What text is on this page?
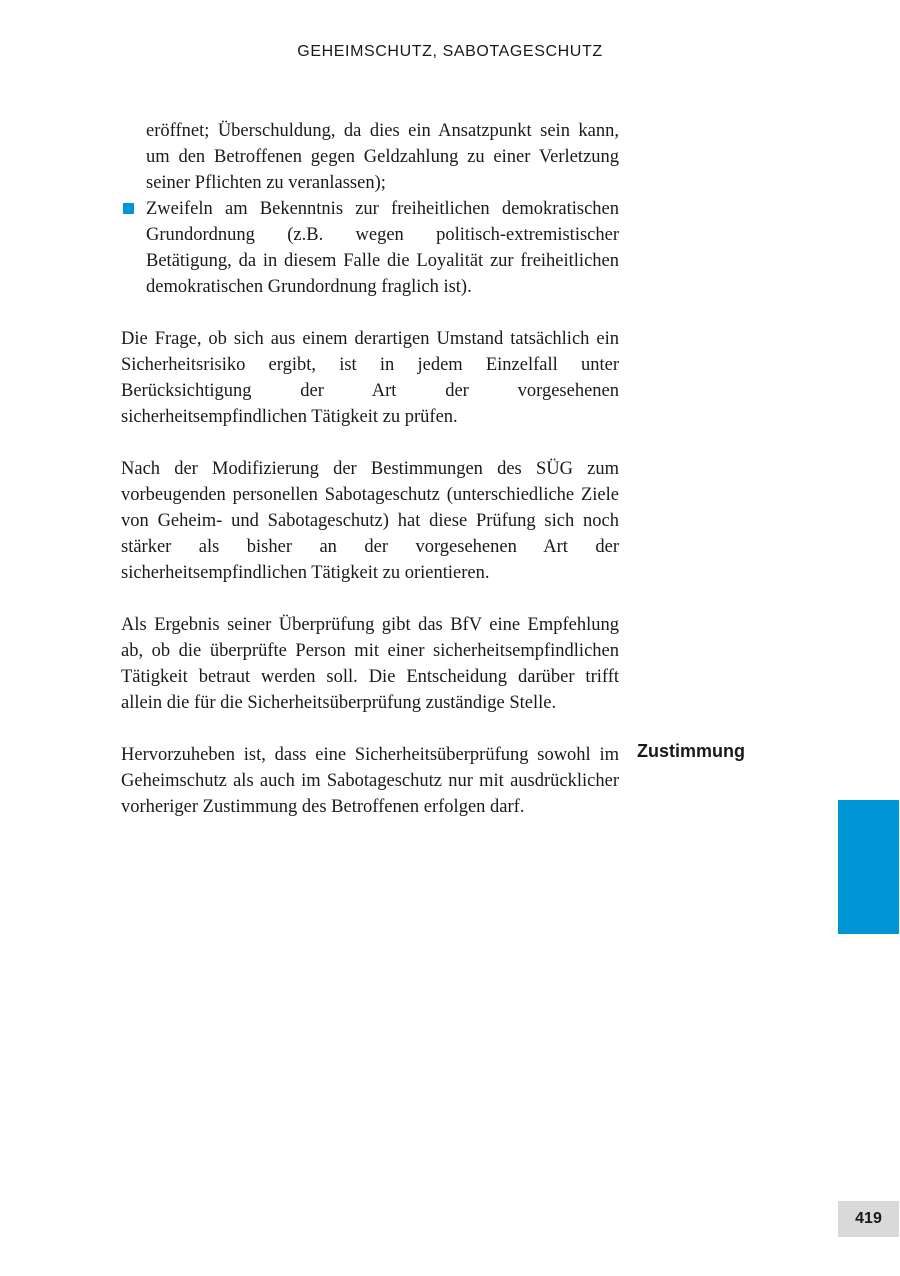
GEHEIMSCHUTZ, SABOTAGESCHUTZ

eröffnet; Überschuldung, da dies ein Ansatzpunkt sein kann, um den Betroffenen gegen Geldzahlung zu einer Verletzung seiner Pflichten zu veranlassen);

Zweifeln am Bekenntnis zur freiheitlichen demokratischen Grundordnung (z.B. wegen politisch-extremistischer Betätigung, da in diesem Falle die Loyalität zur freiheitlichen demokratischen Grundordnung fraglich ist).

Die Frage, ob sich aus einem derartigen Umstand tatsächlich ein Sicherheitsrisiko ergibt, ist in jedem Einzelfall unter Berücksichtigung der Art der vorgesehenen sicherheitsempfindlichen Tätigkeit zu prüfen.

Nach der Modifizierung der Bestimmungen des SÜG zum vorbeugenden personellen Sabotageschutz (unterschiedliche Ziele von Geheim- und Sabotageschutz) hat diese Prüfung sich noch stärker als bisher an der vorgesehenen Art der sicherheitsempfindlichen Tätigkeit zu orientieren.

Als Ergebnis seiner Überprüfung gibt das BfV eine Empfehlung ab, ob die überprüfte Person mit einer sicherheitsempfindlichen Tätigkeit betraut werden soll. Die Entscheidung darüber trifft allein die für die Sicherheitsüberprüfung zuständige Stelle.

Hervorzuheben ist, dass eine Sicherheitsüberprüfung sowohl im Geheimschutz als auch im Sabotageschutz nur mit ausdrücklicher vorheriger Zustimmung des Betroffenen erfolgen darf.

Zustimmung
419
